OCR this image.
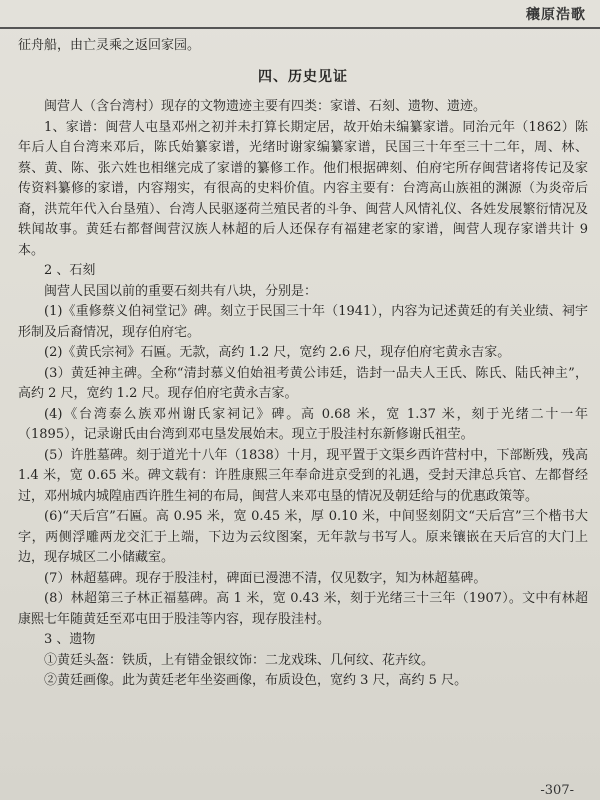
穰原浩歌

征舟船，由亡灵乘之返回家园。

四、历史见证

闽营人（含台湾村）现存的文物遗迹主要有四类：家谱、石刻、遗物、遗迹。

1、家谱：闽营人屯垦邓州之初并未打算长期定居，故开始未编纂家谱。同治元年（1862）陈年后人自台湾来邓后，陈氏始纂家谱，光绪时谢家编纂家谱，民国三十年至三十二年，周、林、蔡、黄、陈、张六姓也相继完成了家谱的纂修工作。他们根据碑刻、伯府宅所存闽营诸将传记及家传资料纂修的家谱，内容翔实，有很高的史料价值。内容主要有：台湾高山族祖的渊源（为炎帝后裔，洪荒年代入台垦殖）、台湾人民驱逐荷兰殖民者的斗争、闽营人风情礼仪、各姓发展繁衍情况及轶闻故事。黄廷右都督闽营汉族人林超的后人还保存有福建老家的家谱，闽营人现存家谱共计 9 本。

2 、石刻

闽营人民国以前的重要石刻共有八块，分别是：

(1)《重修蔡义伯祠堂记》碑。刻立于民国三十年（1941），内容为记述黄廷的有关业绩、祠宇形制及后裔情况，现存伯府宅。

(2)《黄氏宗祠》石匾。无款，高约 1.2 尺，宽约 2.6 尺，现存伯府宅黄永吉家。

(3）黄廷神主碑。全称“清封慕义伯始祖考黄公讳廷，诰封一品夫人王氏、陈氏、陆氏神主”，高约 2 尺，宽约 1.2 尺。现存伯府宅黄永吉家。

(4)《台湾泰么族邓州谢氏家祠记》碑。高 0.68 米，宽 1.37 米，刻于光绪二十一年（1895），记录谢氏由台湾到邓屯垦发展始末。现立于股洼村东新修谢氏祖茔。

(5）许胜墓碑。刻于道光十八年（1838）十月，现平置于文渠乡西许营村中，下部断残，残高 1.4 米，宽 0.65 米。碑文载有：许胜康熙三年奉命进京受到的礼遇，受封天津总兵官、左都督经过，邓州城内城隍庙西许胜生祠的布局，闽营人来邓屯垦的情况及朝廷给与的优惠政策等。

(6)“天后宫”石匾。高 0.95 米，宽 0.45 米，厚 0.10 米，中间竖刻阴文“天后宫”三个楷书大字，两侧浮雕两龙交汇于上端，下边为云纹图案，无年款与书写人。原来镶嵌在天后宫的大门上边，现存城区二小储藏室。

(7）林超墓碑。现存于股洼村，碑面已漫漶不清，仅见数字，知为林超墓碑。

(8）林超第三子林正福墓碑。高 1 米，宽 0.43 米，刻于光绪三十三年（1907）。文中有林超康熙七年随黄廷至邓屯田于股洼等内容，现存股洼村。

3 、遗物

①黄廷头盔：铁质，上有错金银纹饰：二龙戏珠、几何纹、花卉纹。

②黄廷画像。此为黄廷老年坐姿画像，布质设色，宽约 3 尺，高约 5 尺。

-307-
